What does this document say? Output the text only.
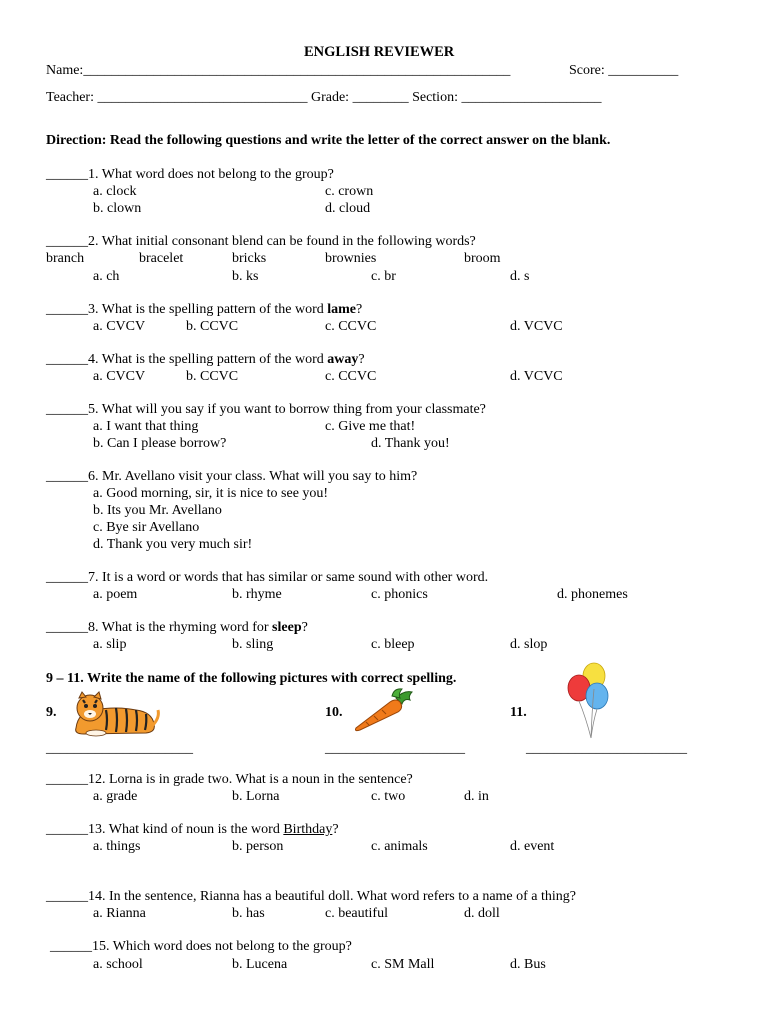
ENGLISH REVIEWER
Name:_____________________________________________________________	Score: __________
Teacher: ______________________________ Grade: ________ Section: ____________________
Direction: Read the following questions and write the letter of the correct answer on the blank.
______1. What word does not belong to the group?
a. clock	c. crown
b. clown	d. cloud
______2. What initial consonant blend can be found in the following words?
branch	bracelet	bricks	brownies	broom
a. ch	b. ks	c. br	d. s
______3. What is the spelling pattern of the word lame?
a. CVCV	b. CCVC	c. CCVC	d. VCVC
______4. What is the spelling pattern of the word away?
a. CVCV	b. CCVC	c. CCVC	d. VCVC
______5. What will you say if you want to borrow thing from your classmate?
a. I want that thing	c. Give me that!
b. Can I please borrow?	d. Thank you!
______6. Mr. Avellano visit your class. What will you say to him?
a. Good morning, sir, it is nice to see you!
b. Its you Mr. Avellano
c. Bye sir Avellano
d. Thank you very much sir!
______7. It is a word or words that has similar or same sound with other word.
a. poem	b. rhyme	c. phonics	d. phonemes
______8. What is the rhyming word for sleep?
a. slip	b. sling	c. bleep	d. slop
9 – 11. Write the name of the following pictures with correct spelling.
9.	10.	11.
_____________________	____________________	_______________________
______12. Lorna is in grade two. What is a noun in the sentence?
a. grade	b. Lorna	c. two	d. in
______13. What kind of noun is the word Birthday?
a. things	b. person	c. animals	d. event
______14. In the sentence, Rianna has a beautiful doll. What word refers to a name of a thing?
a. Rianna	b. has	c. beautiful	d. doll
______15. Which word does not belong to the group?
a. school	b. Lucena	c. SM Mall	d. Bus
